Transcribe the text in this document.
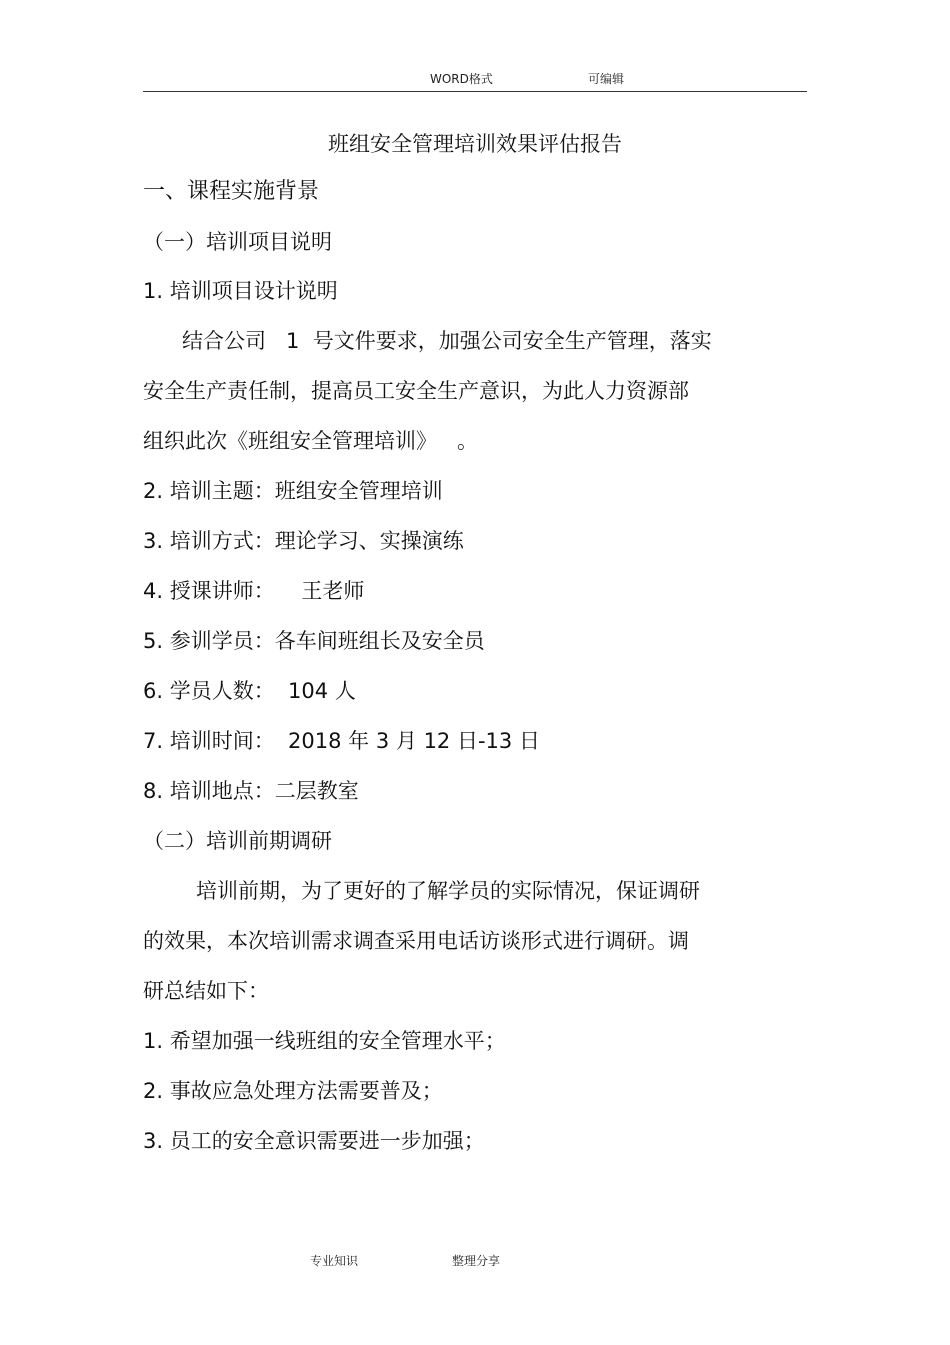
WORD格式	可编辑
班组安全管理培训效果评估报告
一、课程实施背景
（一）培训项目说明
1. 培训项目设计说明
结合公司   1  号文件要求，加强公司安全生产管理，落实
安全生产责任制，提高员工安全生产意识，为此人力资源部
组织此次《班组安全管理培训》   。
2. 培训主题：班组安全管理培训
3. 培训方式：理论学习、实操演练
4. 授课讲师：    王老师
5. 参训学员：各车间班组长及安全员
6. 学员人数：  104 人
7. 培训时间：  2018 年 3 月 12 日-13 日
8. 培训地点：二层教室
（二）培训前期调研
培训前期，为了更好的了解学员的实际情况，保证调研
的效果，本次培训需求调查采用电话访谈形式进行调研。调
研总结如下：
1. 希望加强一线班组的安全管理水平；
2. 事故应急处理方法需要普及；
3. 员工的安全意识需要进一步加强；
专业知识	整理分享
